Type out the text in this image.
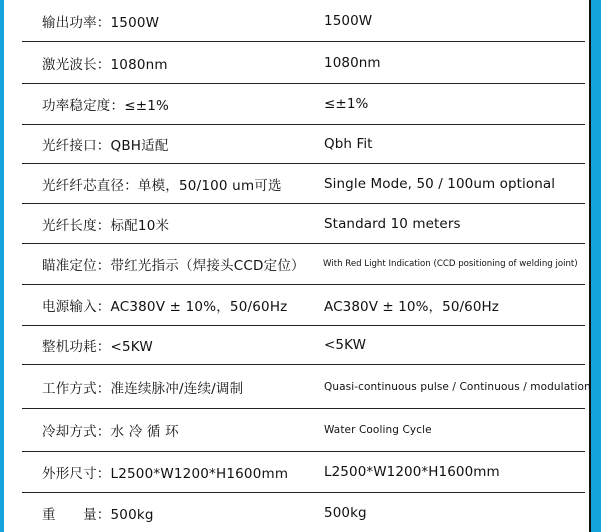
输出功率：1500W	1500W
激光波长：1080nm	1080nm
功率稳定度：≤±1%	≤±1%
光纤接口：QBH适配	Qbh Fit
光纤纤芯直径：单模，50/100 um可选	Single Mode, 50 / 100um optional
光纤长度：标配10米	Standard 10 meters
瞄准定位：带红光指示（焊接头CCD定位） With Red Light Indication (CCD positioning of welding joint)
电源输入：AC380V ± 10%，50/60Hz	AC380V ± 10%，50/60Hz
整机功耗：<5KW	<5KW
工作方式：准连续脉冲/连续/调制	Quasi-continuous pulse / Continuous / modulation
冷却方式：水 冷 循 环	Water Cooling Cycle
外形尺寸：L2500*W1200*H1600mm	L2500*W1200*H1600mm
重　　量：500kg	500kg
